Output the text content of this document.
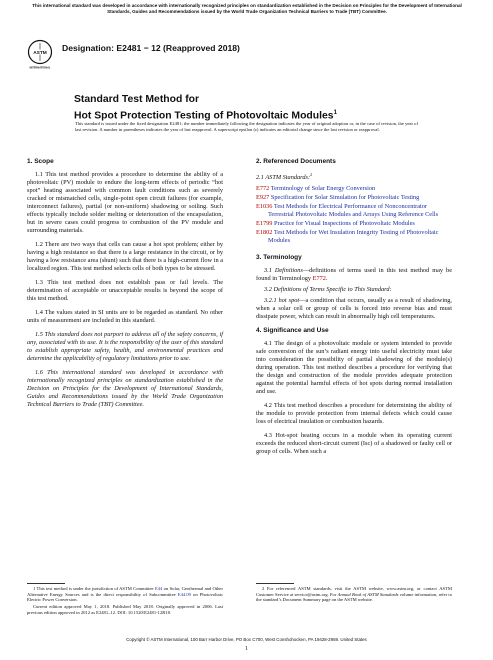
This international standard was developed in accordance with internationally recognized principles on standardization established in the Decision on Principles for the Development of International Standards, Guides and Recommendations issued by the World Trade Organization Technical Barriers to Trade (TBT) Committee.
ASTM
INTERNATIONAL
Designation: E2481 − 12 (Reapproved 2018)
Standard Test Method for
Hot Spot Protection Testing of Photovoltaic Modules$^1$
This standard is issued under the fixed designation E2481; the number immediately following the designation indicates the year of original adoption or, in the case of revision, the year of last revision. A number in parentheses indicates the year of last reapproval. A superscript epsilon (ε) indicates an editorial change since the last revision or reapproval.
1. Scope

1.1 This test method provides a procedure to determine the ability of a photovoltaic (PV) module to endure the long-term effects of periodic “hot spot” heating associated with common fault conditions such as severely cracked or mismatched cells, single-point open circuit failures (for example, interconnect failures), partial (or non-uniform) shadowing or soiling. Such effects typically include solder melting or deterioration of the encapsulation, but in severe cases could progress to combustion of the PV module and surrounding materials.

1.2 There are two ways that cells can cause a hot spot problem; either by having a high resistance so that there is a large resistance in the circuit, or by having a low resistance area (shunt) such that there is a high-current flow in a localized region. This test method selects cells of both types to be stressed.

1.3 This test method does not establish pass or fail levels. The determination of acceptable or unacceptable results is beyond the scope of this test method.

1.4 The values stated in SI units are to be regarded as standard. No other units of measurement are included in this standard.

1.5 This standard does not purport to address all of the safety concerns, if any, associated with its use. It is the responsibility of the user of this standard to establish appropriate safety, health, and environmental practices and determine the applicability of regulatory limitations prior to use.

1.6 This international standard was developed in accordance with internationally recognized principles on standardization established in the Decision on Principles for the Development of International Standards, Guides and Recommendations issued by the World Trade Organization Technical Barriers to Trade (TBT) Committee.

1 This test method is under the jurisdiction of ASTM Committee E44 on Solar, Geothermal and Other Alternative Energy Sources and is the direct responsibility of Subcommittee E44.09 on Photovoltaic Electric Power Conversion.

Current edition approved May 1, 2018. Published May 2018. Originally approved in 2006. Last previous edition approved in 2012 as E2481–12. DOI: 10.1520/E2481-12R18.

2. Referenced Documents

2.1 ASTM Standards:$^2$

E772 Terminology of Solar Energy Conversion
E927 Specification for Solar Simulation for Photovoltaic Testing
E1036 Test Methods for Electrical Performance of Nonconcentrator Terrestrial Photovoltaic Modules and Arrays Using Reference Cells
E1799 Practice for Visual Inspections of Photovoltaic Modules
E1802 Test Methods for Wet Insulation Integrity Testing of Photovoltaic Modules
3. Terminology

3.1 Definitions—definitions of terms used in this test method may be found in Terminology E772.

3.2 Definitions of Terms Specific to This Standard:

3.2.1 hot spot—a condition that occurs, usually as a result of shadowing, when a solar cell or group of cells is forced into reverse bias and must dissipate power, which can result in abnormally high cell temperatures.

4. Significance and Use

4.1 The design of a photovoltaic module or system intended to provide safe conversion of the sun’s radiant energy into useful electricity must take into consideration the possibility of partial shadowing of the module(s) during operation. This test method describes a procedure for verifying that the design and construction of the module provides adequate protection against the potential harmful effects of hot spots during normal installation and use.

4.2 This test method describes a procedure for determining the ability of the module to provide protection from internal defects which could cause loss of electrical insulation or combustion hazards.

4.3 Hot-spot heating occurs in a module when its operating current exceeds the reduced short-circuit current (Isc) of a shadowed or faulty cell or group of cells. When such a

2 For referenced ASTM standards, visit the ASTM website, www.astm.org, or contact ASTM Customer Service at service@astm.org. For Annual Book of ASTM Standards volume information, refer to the standard’s Document Summary page on the ASTM website.

Copyright © ASTM International, 100 Barr Harbor Drive, PO Box C700, West Conshohocken, PA 19428-2959. United States
1
